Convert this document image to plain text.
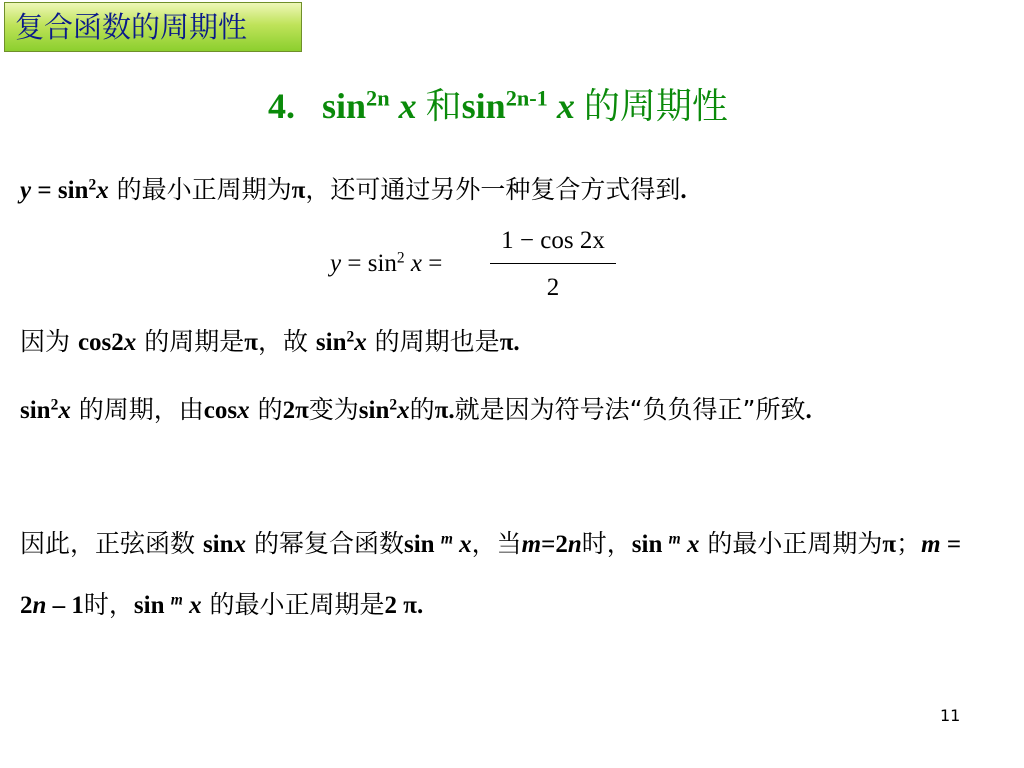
复合函数的周期性
4. $\sin^{2n} x$ 和$\sin^{2n-1} x$ 的周期性
$y = \sin^2x$ 的最小正周期为π，还可通过另外一种复合方式得到.
$y = \sin^2 x$ =
1 − cos 2x
2
因为 cos2x 的周期是π，故 $\sin^2x$ 的周期也是π.
$\sin^2x$ 的周期，由cosx 的2π变为$\sin^2x$的π.就是因为符号法“负负得正”所致.
因此，正弦函数 sinx 的幂复合函数sin $^m$ x，当m=2n时，sin $^m$ x 的最小正周期为π；m = 2n – 1时，sin $^m$ x 的最小正周期是2 π.
11
